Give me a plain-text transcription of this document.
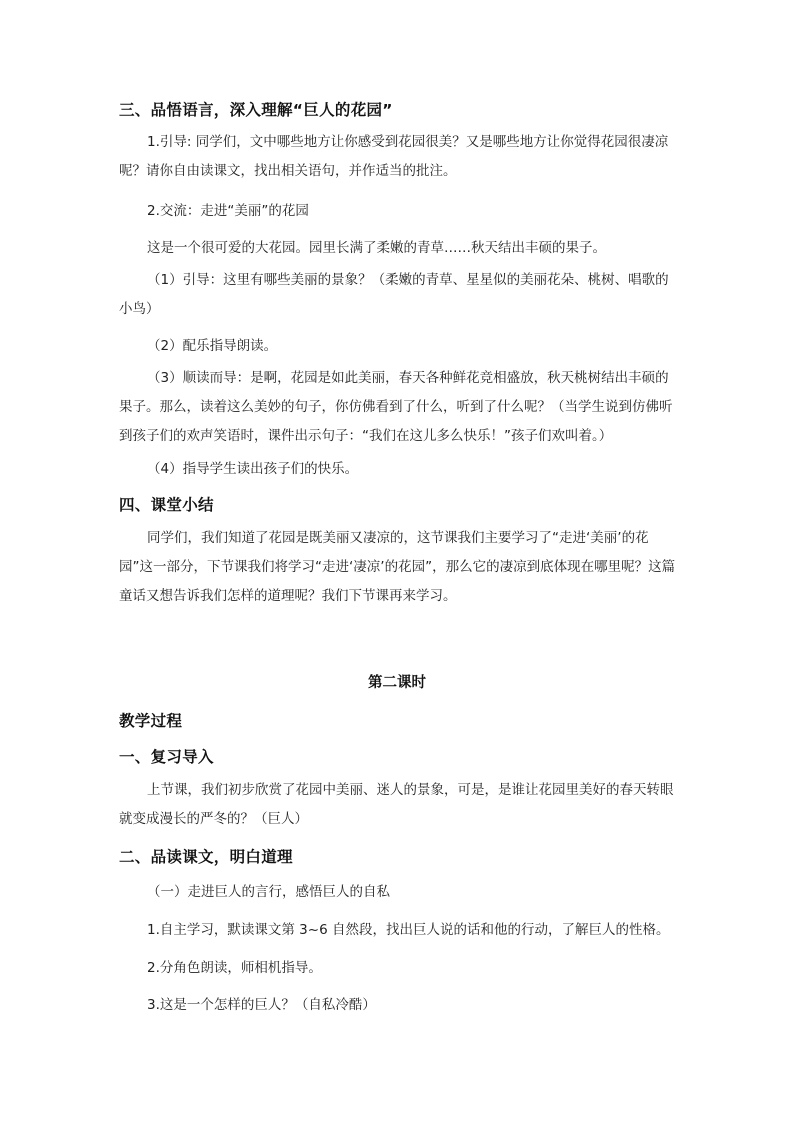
三、品悟语言，深入理解“巨人的花园”

1.引导: 同学们，文中哪些地方让你感受到花园很美？又是哪些地方让你觉得花园很凄凉呢？请你自由读课文，找出相关语句，并作适当的批注。

2.交流：走进“美丽”的花园
这是一个很可爱的大花园。园里长满了柔嫩的青草……秋天结出丰硕的果子。

（1）引导：这里有哪些美丽的景象？（柔嫩的青草、星星似的美丽花朵、桃树、唱歌的小鸟）

（2）配乐指导朗读。

（3）顺读而导：是啊，花园是如此美丽，春天各种鲜花竞相盛放，秋天桃树结出丰硕的果子。那么，读着这么美妙的句子，你仿佛看到了什么，听到了什么呢？（当学生说到仿佛听到孩子们的欢声笑语时，课件出示句子：“我们在这儿多么快乐！”孩子们欢叫着。）

（4）指导学生读出孩子们的快乐。
四、课堂小结

同学们，我们知道了花园是既美丽又凄凉的，这节课我们主要学习了“走进‘美丽’的花园”这一部分，下节课我们将学习“走进‘凄凉’的花园”，那么它的凄凉到底体现在哪里呢？这篇童话又想告诉我们怎样的道理呢？我们下节课再来学习。

第二课时
教学过程
一、复习导入

上节课，我们初步欣赏了花园中美丽、迷人的景象，可是，是谁让花园里美好的春天转眼就变成漫长的严冬的？（巨人）

二、品读课文，明白道理
（一）走进巨人的言行，感悟巨人的自私
1.自主学习，默读课文第 3~6 自然段，找出巨人说的话和他的行动，了解巨人的性格。
2.分角色朗读，师相机指导。
3.这是一个怎样的巨人？（自私冷酷）
